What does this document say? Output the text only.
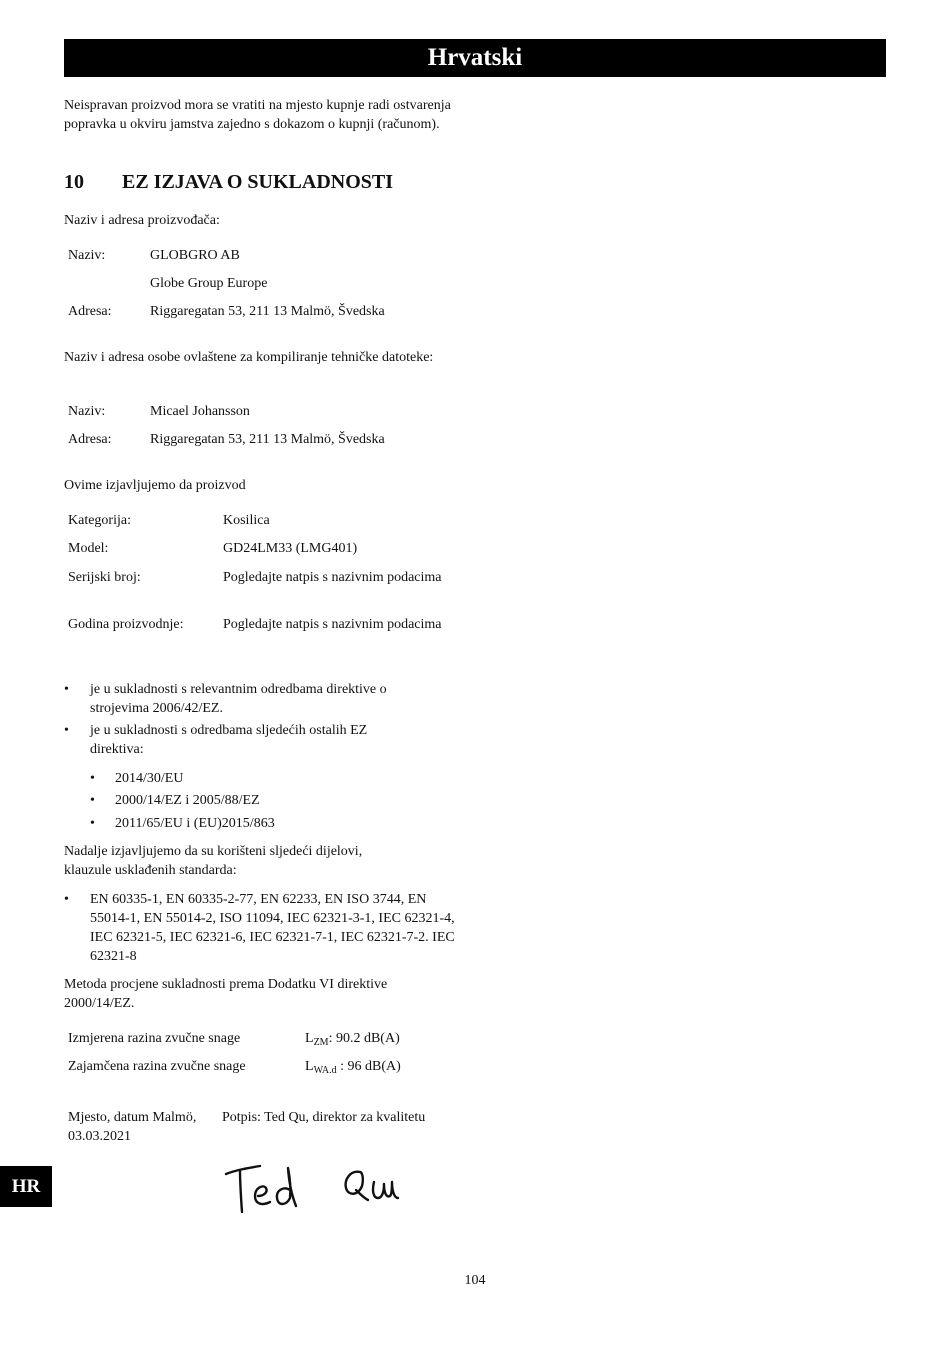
Hrvatski
Neispravan proizvod mora se vratiti na mjesto kupnje radi ostvarenja popravka u okviru jamstva zajedno s dokazom o kupnji (računom).
10 EZ IZJAVA O SUKLADNOSTI
Naziv i adresa proizvođača:
Naziv:	GLOBGRO AB
Globe Group Europe
Adresa:	Riggaregatan 53, 211 13 Malmö, Švedska
Naziv i adresa osobe ovlaštene za kompiliranje tehničke datoteke:
Naziv:	Micael Johansson
Adresa:	Riggaregatan 53, 211 13 Malmö, Švedska
Ovime izjavljujemo da proizvod
Kategorija:	Kosilica
Model:	GD24LM33 (LMG401)
Serijski broj:	Pogledajte natpis s nazivnim podacima
Godina proizvodnje:	Pogledajte natpis s nazivnim podacima
• je u sukladnosti s relevantnim odredbama direktive o strojevima 2006/42/EZ.
• je u sukladnosti s odredbama sljedećih ostalih EZ direktiva:
• 2014/30/EU
• 2000/14/EZ i 2005/88/EZ
• 2011/65/EU i (EU)2015/863
Nadalje izjavljujemo da su korišteni sljedeći dijelovi, klauzule usklađenih standarda:
• EN 60335-1, EN 60335-2-77, EN 62233, EN ISO 3744, EN 55014-1, EN 55014-2, ISO 11094, IEC 62321-3-1, IEC 62321-4, IEC 62321-5, IEC 62321-6, IEC 62321-7-1, IEC 62321-7-2. IEC 62321-8
Metoda procjene sukladnosti prema Dodatku VI direktive 2000/14/EZ.
Izmjerena razina zvučne snage	$L_{ZM}$: 90.2 dB(A)
Zajamčena razina zvučne snage	$L_{WA.d}$ : 96 dB(A)
Mjesto, datum Malmö, 03.03.2021
Potpis: Ted Qu, direktor za kvalitetu
HR
104
